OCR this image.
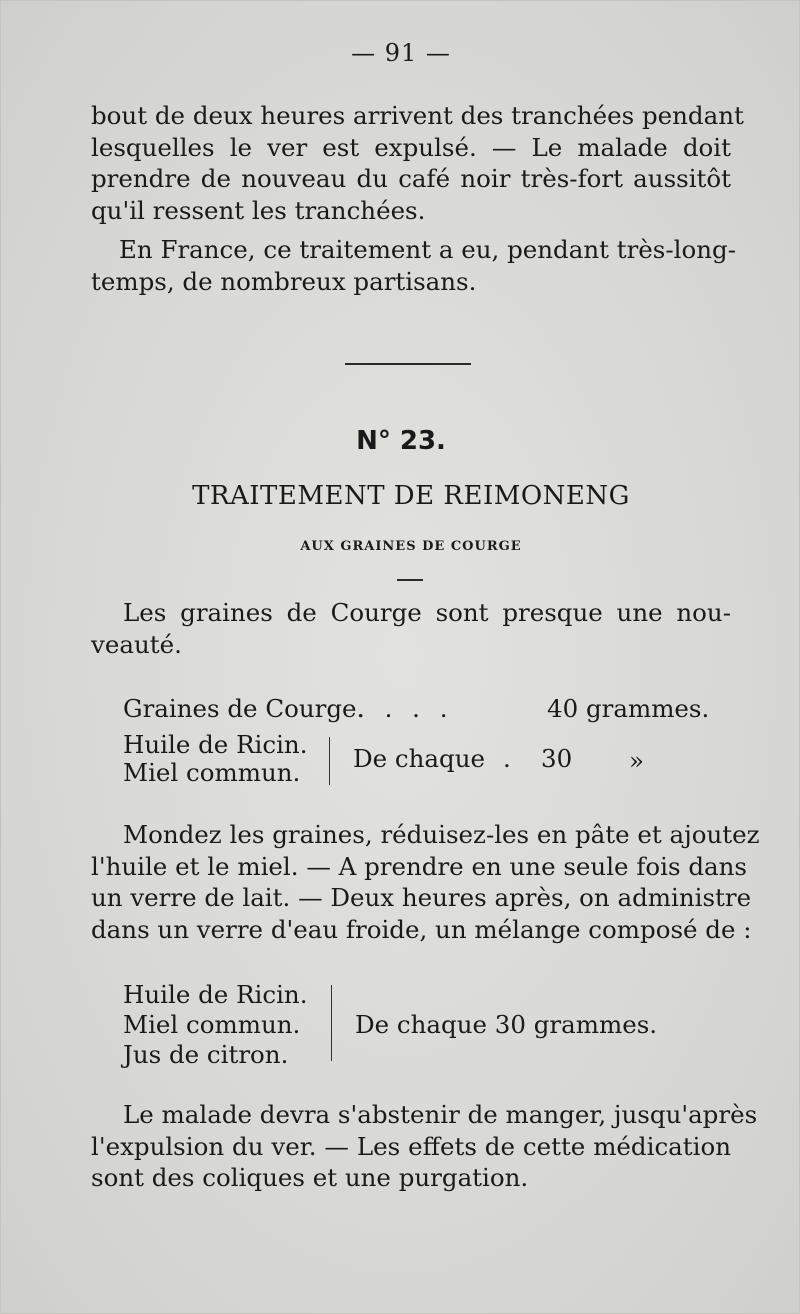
— 91 —
bout de deux heures arrivent des tranchées pendant
lesquelles le ver est expulsé. — Le malade doit
prendre de nouveau du café noir très-fort aussitôt
qu'il ressent les tranchées.
En France, ce traitement a eu, pendant très-long-
temps, de nombreux partisans.
N° 23.
TRAITEMENT DE REIMONENG
AUX GRAINES DE COURGE
Les graines de Courge sont presque une nou-
veauté.
Graines de Courge.
. . . .	40 grammes.
Huile de Ricin.
Miel commun. De chaque . 30 »
Mondez les graines, réduisez-les en pâte et ajoutez
l'huile et le miel. — A prendre en une seule fois dans
un verre de lait. — Deux heures après, on administre
dans un verre d'eau froide, un mélange composé de :
Huile de Ricin.
Miel commun.
Jus de citron.
De chaque 30 grammes.
Le malade devra s'abstenir de manger, jusqu'après
l'expulsion du ver. — Les effets de cette médication
sont des coliques et une purgation.
